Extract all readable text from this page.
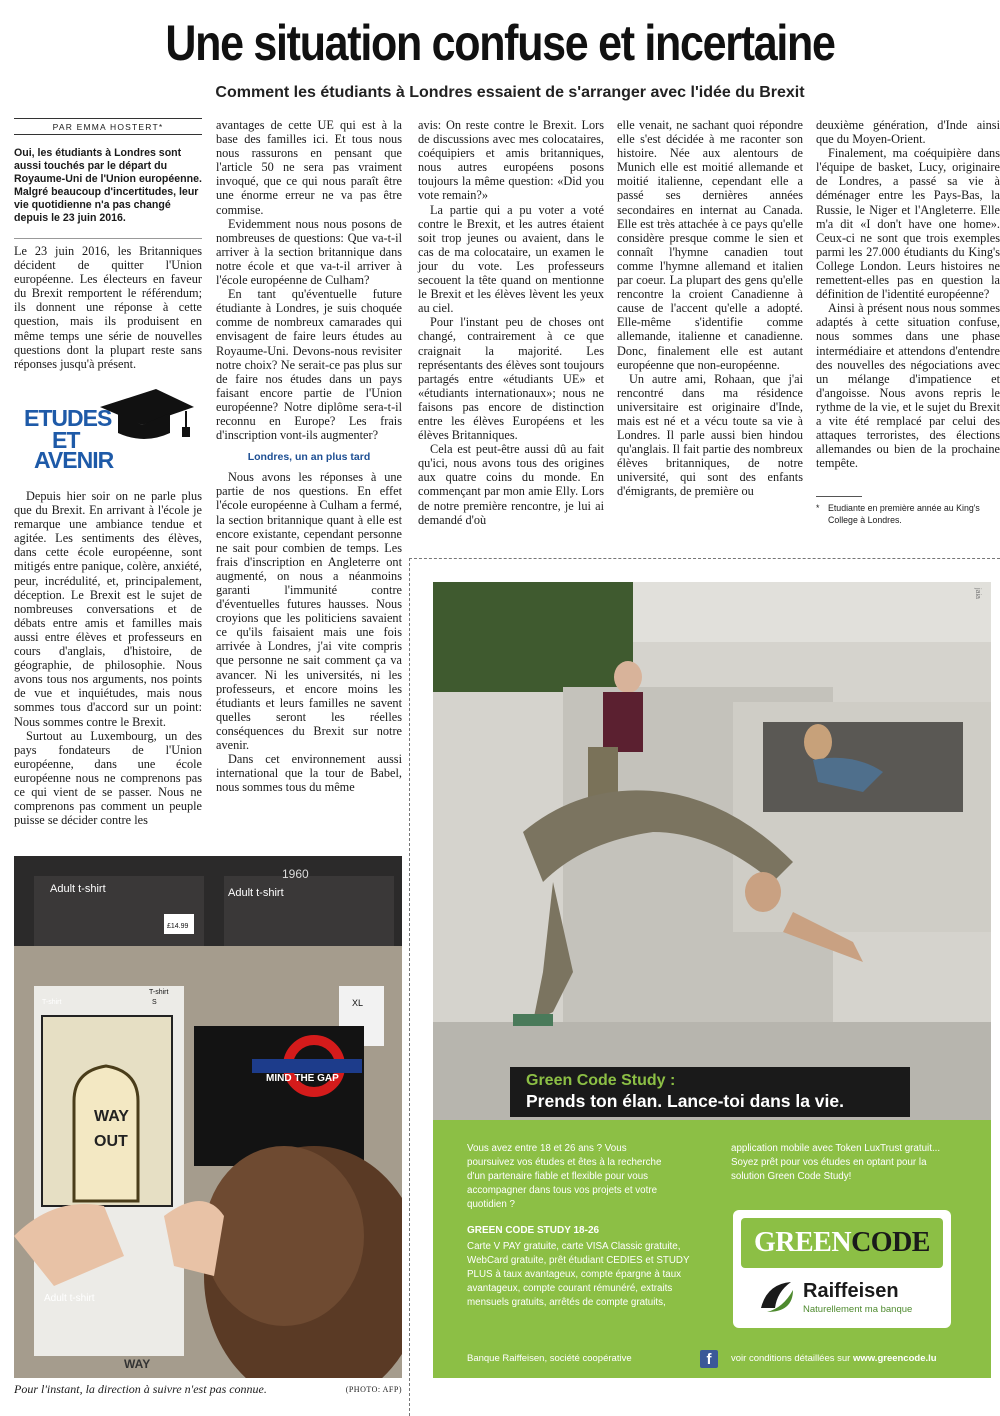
Une situation confuse et incertaine
Comment les étudiants à Londres essaient de s'arranger avec l'idée du Brexit
PAR EMMA HOSTERT*
Oui, les étudiants à Londres sont aussi touchés par le départ du Royaume-Uni de l'Union européenne. Malgré beaucoup d'incertitudes, leur vie quotidienne n'a pas changé depuis le 23 juin 2016.

Le 23 juin 2016, les Britanniques décident de quitter l'Union européenne. Les électeurs en faveur du Brexit remportent le référendum; ils donnent une réponse à cette question, mais ils produisent en même temps une série de nouvelles questions dont la plupart reste sans réponses jusqu'à présent.

ETUDES
ET
AVENIR

Depuis hier soir on ne parle plus que du Brexit. En arrivant à l'école je remarque une ambiance tendue et agitée. Les sentiments des élèves, dans cette école européenne, sont mitigés entre panique, colère, anxiété, peur, incrédulité, et, principalement, déception. Le Brexit est le sujet de nombreuses conversations et de débats entre amis et familles mais aussi entre élèves et professeurs en cours d'anglais, d'histoire, de géographie, de philosophie. Nous avons tous nos arguments, nos points de vue et inquiétudes, mais nous sommes tous d'accord sur un point: Nous sommes contre le Brexit.

Surtout au Luxembourg, un des pays fondateurs de l'Union européenne, dans une école européenne nous ne comprenons pas ce qui vient de se passer. Nous ne comprenons pas comment un peuple puisse se décider contre les

avantages de cette UE qui est à la base des familles ici. Et tous nous nous rassurons en pensant que l'article 50 ne sera pas vraiment invoqué, que ce qui nous paraît être une énorme erreur ne va pas être commise.

Evidemment nous nous posons de nombreuses de questions: Que va-t-il arriver à la section britannique dans notre école et que va-t-il arriver à l'école européenne de Culham?

En tant qu'éventuelle future étudiante à Londres, je suis choquée comme de nombreux camarades qui envisagent de faire leurs études au Royaume-Uni. Devons-nous revisiter notre choix? Ne serait-ce pas plus sur de faire nos études dans un pays faisant encore partie de l'Union européenne? Notre diplôme sera-t-il reconnu en Europe? Les frais d'inscription vont-ils augmenter?

Londres, un an plus tard

Nous avons les réponses à une partie de nos questions. En effet l'école européenne à Culham a fermé, la section britannique quant à elle est encore existante, cependant personne ne sait pour combien de temps. Les frais d'inscription en Angleterre ont augmenté, on nous a néanmoins garanti l'immunité contre d'éventuelles futures hausses. Nous croyions que les politiciens savaient ce qu'ils faisaient mais une fois arrivée à Londres, j'ai vite compris que personne ne sait comment ça va avancer. Ni les universités, ni les professeurs, et encore moins les étudiants et leurs familles ne savent quelles seront les réelles conséquences du Brexit sur notre avenir.

Dans cet environnement aussi international que la tour de Babel, nous sommes tous du même

avis: On reste contre le Brexit. Lors de discussions avec mes colocataires, coéquipiers et amis britanniques, nous autres européens posons toujours la même question: «Did you vote remain?»

La partie qui a pu voter a voté contre le Brexit, et les autres étaient soit trop jeunes ou avaient, dans le cas de ma colocataire, un examen le jour du vote. Les professeurs secouent la tête quand on mentionne le Brexit et les élèves lèvent les yeux au ciel.

Pour l'instant peu de choses ont changé, contrairement à ce que craignait la majorité. Les représentants des élèves sont toujours partagés entre «étudiants UE» et «étudiants internationaux»; nous ne faisons pas encore de distinction entre les élèves Européens et les élèves Britanniques.

Cela est peut-être aussi dû au fait qu'ici, nous avons tous des origines aux quatre coins du monde. En commençant par mon amie Elly. Lors de notre première rencontre, je lui ai demandé d'où

elle venait, ne sachant quoi répondre elle s'est décidée à me raconter son histoire. Née aux alentours de Munich elle est moitié allemande et moitié italienne, cependant elle a passé ses dernières années secondaires en internat au Canada. Elle est très attachée à ce pays qu'elle considère presque comme le sien et connaît l'hymne canadien tout comme l'hymne allemand et italien par coeur. La plupart des gens qu'elle rencontre la croient Canadienne à cause de l'accent qu'elle a adopté. Elle-même s'identifie comme allemande, italienne et canadienne. Donc, finalement elle est autant européenne que non-européenne.

Un autre ami, Rohaan, que j'ai rencontré dans ma résidence universitaire est originaire d'Inde, mais est né et a vécu toute sa vie à Londres. Il parle aussi bien hindou qu'anglais. Il fait partie des nombreux élèves britanniques, de notre université, qui sont des enfants d'émigrants, de première ou

deuxième génération, d'Inde ainsi que du Moyen-Orient.

Finalement, ma coéquipière dans l'équipe de basket, Lucy, originaire de Londres, a passé sa vie à déménager entre les Pays-Bas, la Russie, le Niger et l'Angleterre. Elle m'a dit «I don't have one home». Ceux-ci ne sont que trois exemples parmi les 27.000 étudiants du King's College London. Leurs histoires ne remettent-elles pas en question la définition de l'identité européenne?

Ainsi à présent nous nous sommes adaptés à cette situation confuse, nous sommes dans une phase intermédiaire et attendons d'entendre des nouvelles des négociations avec un mélange d'impatience et d'angoisse. Nous avons repris le rythme de la vie, et le sujet du Brexit a vite été remplacé par celui des attaques terroristes, des élections allemandes ou bien de la prochaine tempête.

* Etudiante en première année au King's College à Londres.
Adult t-shirt	Adult t-shirt
1960
£14.99
WAY
OUT
T-shirt
T-shirt
S	XL
MIND THE GAP
Adult t-shirt
WAY
Pour l'instant, la direction à suivre n'est pas connue.	(PHOTO: AFP)
jaia
Vous avez entre 18 et 26 ans ? Vous poursuivez vos études et êtes à la recherche d'un partenaire fiable et flexible pour vous accompagner dans tous vos projets et votre quotidien ?
GREEN CODE STUDY 18-26
Carte V PAY gratuite, carte VISA Classic gratuite, WebCard gratuite, prêt étudiant CEDIES et STUDY PLUS à taux avantageux, compte épargne à taux avantageux, compte courant rémunéré, extraits mensuels gratuits, arrêtés de compte gratuits,
application mobile avec Token LuxTrust gratuit... Soyez prêt pour vos études en optant pour la solution Green Code Study!
Banque Raiffeisen, société coopérative	voir conditions détaillées sur www.greencode.lu
Green Code Study :
Prends ton élan. Lance-toi dans la vie.
GREENCODE
Raiffeisen
Naturellement ma banque
f
